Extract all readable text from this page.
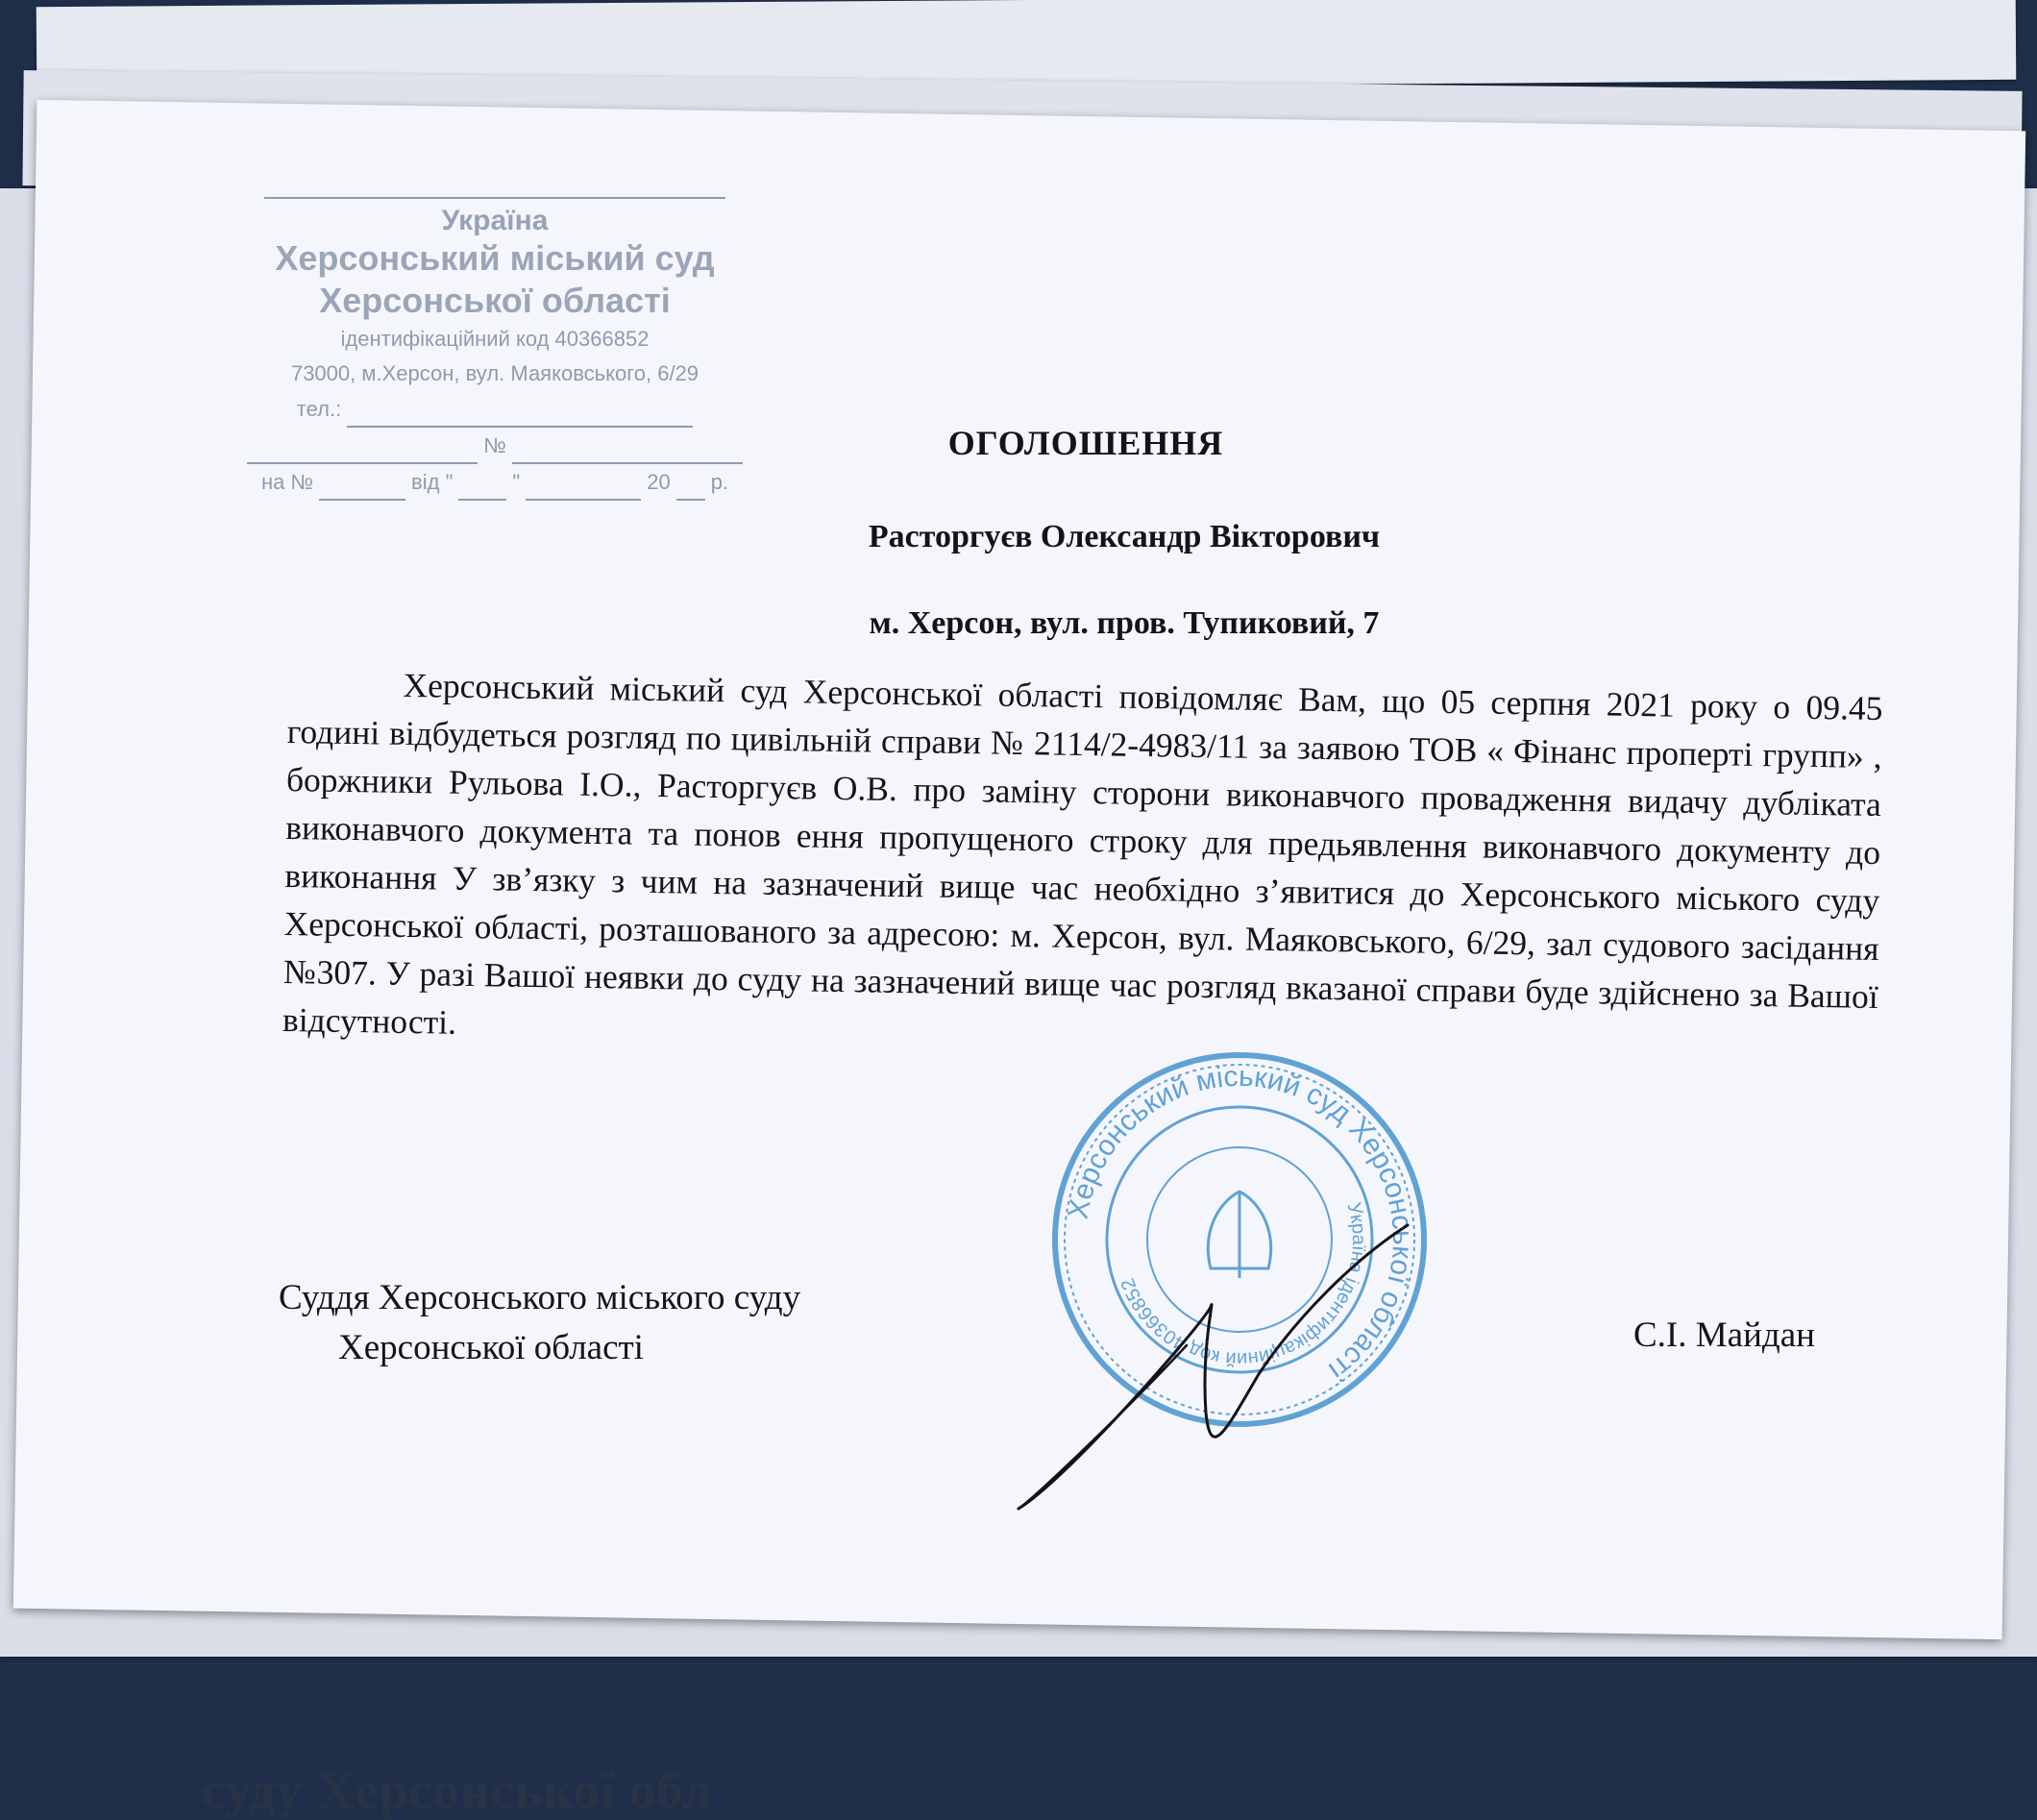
суду Херсонської обл
Україна
Херсонський міський суд
Херсонської області
ідентифікаційний код 40366852
73000, м.Херсон, вул. Маяковського, 6/29
тел.:
№
на №	від "	"	20 р.
ОГОЛОШЕННЯ
Расторгуєв Олександр Вікторович
м. Херсон, вул. пров. Тупиковий, 7

Херсонський міський суд Херсонської області повідомляє Вам, що 05 серпня 2021 року о 09.45 годині відбудеться розгляд по цивільній справи № 2114/2-4983/11 за заявою ТОВ « Фінанс проперті групп» , боржники Рульова І.О., Расторгуєв О.В. про заміну сторони виконавчого провадження видачу дубліката виконавчого документа та понов ення пропущеного строку для предьявлення виконавчого документу до виконання У зв’язку з чим на зазначений вище час необхідно з’явитися до Херсонського міського суду Херсонської області, розташованого за адресою: м. Херсон, вул. Маяковського, 6/29, зал судового засідання №307. У разі Вашої неявки до суду на зазначений вище час розгляд вказаної справи буде здійснено за Вашої відсутності.

Суддя Херсонського міського суду
Херсонської області	С.І. Майдан
Херсонський міський суд Херсонської області
Україна ідентифікаційний код 40366852
